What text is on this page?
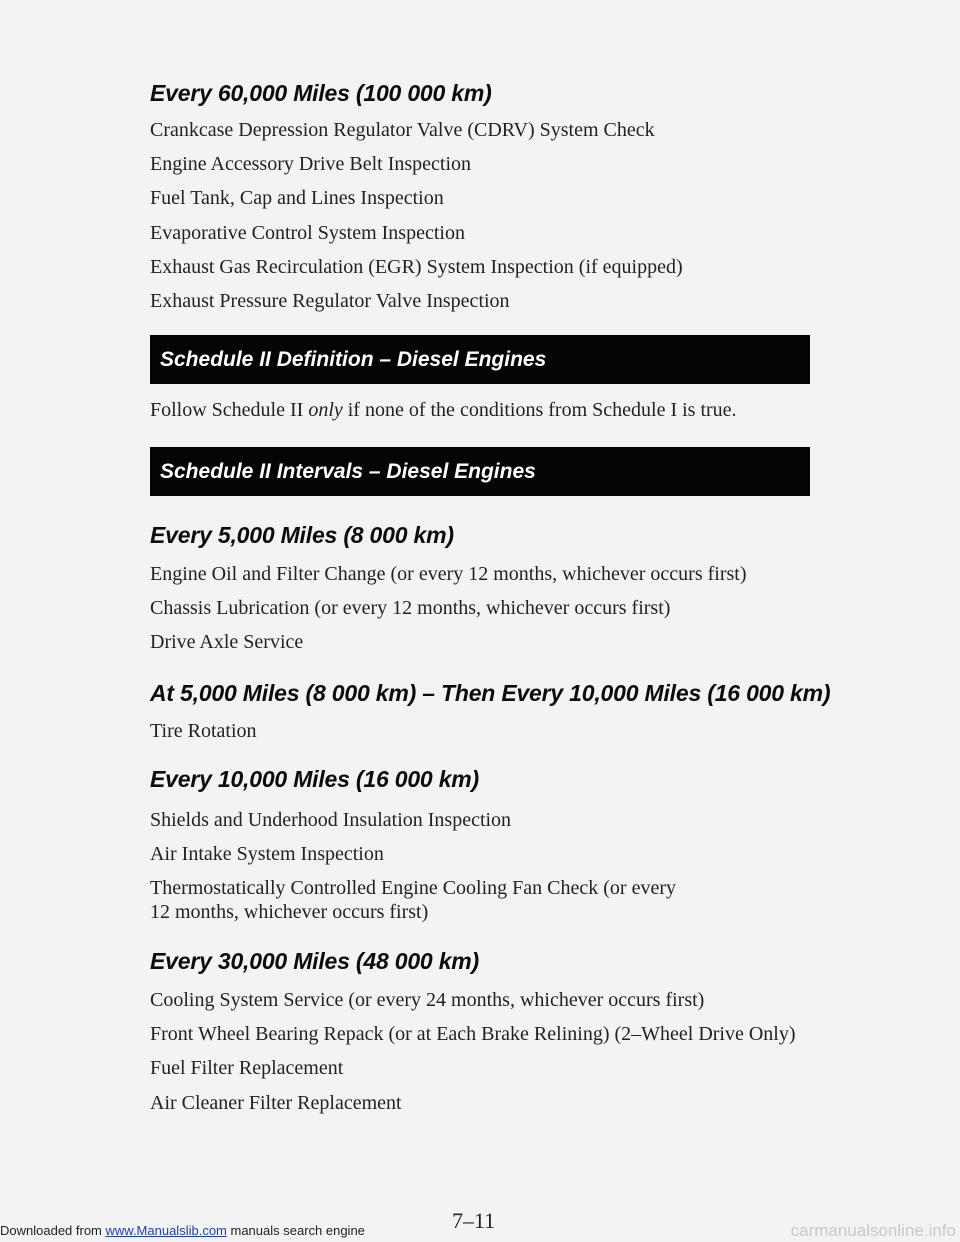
Every 60,000 Miles (100 000 km)

Crankcase Depression Regulator Valve (CDRV) System Check

Engine Accessory Drive Belt Inspection

Fuel Tank, Cap and Lines Inspection

Evaporative Control System Inspection

Exhaust Gas Recirculation (EGR) System Inspection (if equipped)

Exhaust Pressure Regulator Valve Inspection

Schedule II Definition – Diesel Engines

Follow Schedule II only if none of the conditions from Schedule I is true.

Schedule II Intervals – Diesel Engines

Every 5,000 Miles (8 000 km)

Engine Oil and Filter Change (or every 12 months, whichever occurs first)

Chassis Lubrication (or every 12 months, whichever occurs first)

Drive Axle Service

At 5,000 Miles (8 000 km) – Then Every 10,000 Miles (16 000 km)

Tire Rotation

Every 10,000 Miles (16 000 km)

Shields and Underhood Insulation Inspection

Air Intake System Inspection

Thermostatically Controlled Engine Cooling Fan Check (or every

12 months, whichever occurs first)

Every 30,000 Miles (48 000 km)

Cooling System Service (or every 24 months, whichever occurs first)

Front Wheel Bearing Repack (or at Each Brake Relining) (2–Wheel Drive Only)

Fuel Filter Replacement

Air Cleaner Filter Replacement

7–11
Downloaded from www.Manualslib.com manuals search engine	carmanualsonline.info
